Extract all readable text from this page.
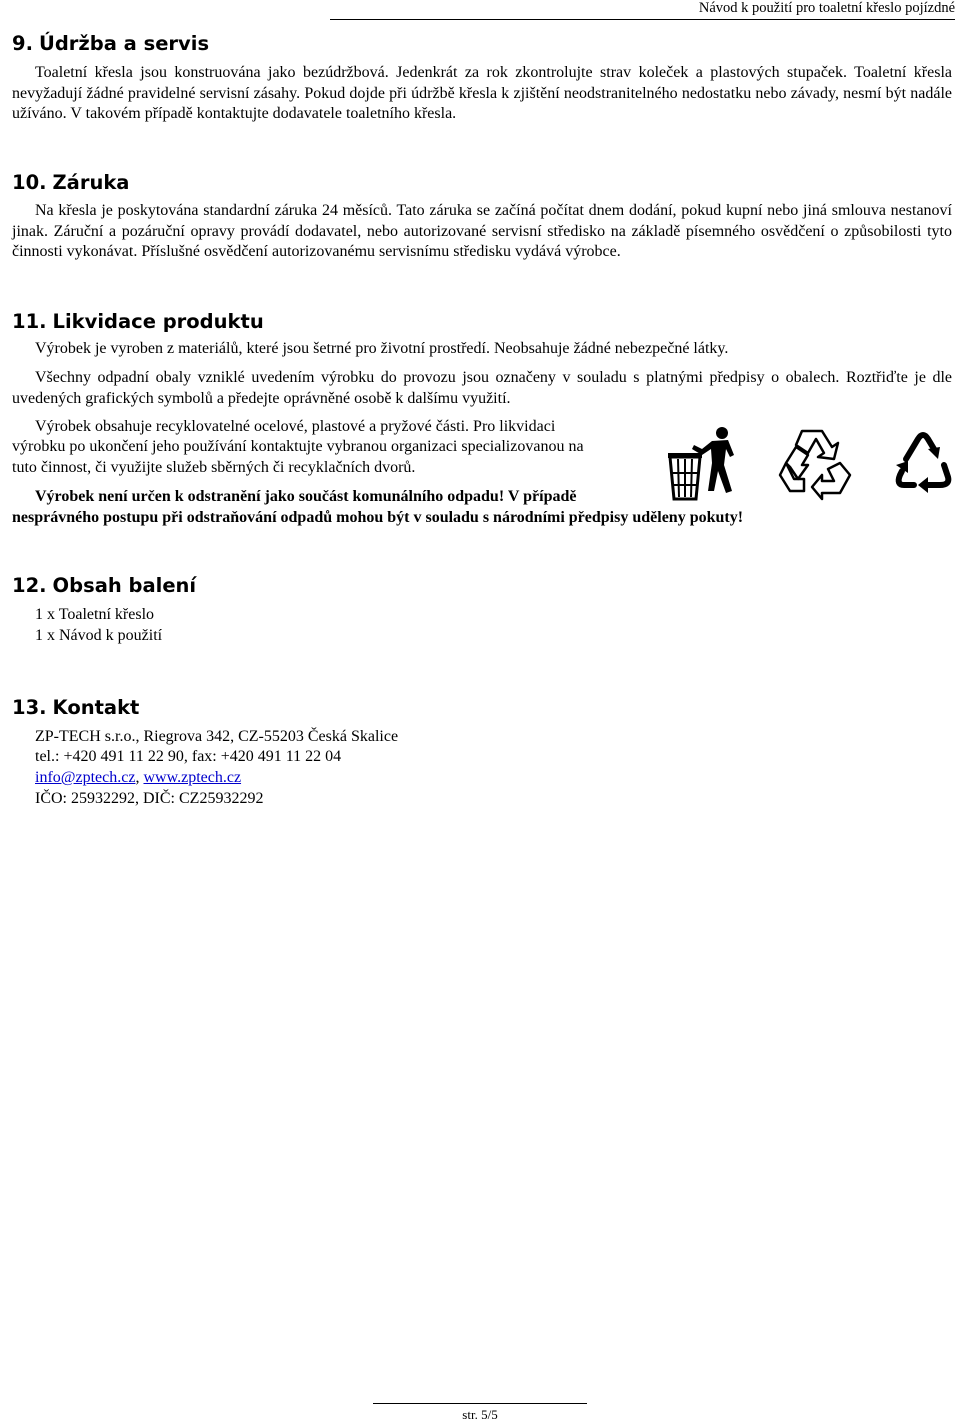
Návod k použití pro toaletní křeslo pojízdné
9. Údržba a servis

Toaletní křesla jsou konstruována jako bezúdržbová. Jedenkrát za rok zkontrolujte strav koleček a plastových stupaček. Toaletní křesla nevyžadují žádné pravidelné servisní zásahy. Pokud dojde při údržbě křesla k zjištění neodstranitelného nedostatku nebo závady, nesmí být nadále užíváno. V takovém případě kontaktujte dodavatele toaletního křesla.

10. Záruka

Na křesla je poskytována standardní záruka 24 měsíců. Tato záruka se začíná počítat dnem dodání, pokud kupní nebo jiná smlouva nestanoví jinak. Záruční a pozáruční opravy provádí dodavatel, nebo autorizované servisní středisko na základě písemného osvědčení o způsobilosti tyto činnosti vykonávat. Příslušné osvědčení autorizovanému servisnímu středisku vydává výrobce.

11. Likvidace produktu

Výrobek je vyroben z materiálů, které jsou šetrné pro životní prostředí. Neobsahuje žádné nebezpečné látky.

Všechny odpadní obaly vzniklé uvedením výrobku do provozu jsou označeny v souladu s platnými předpisy o obalech. Roztřiďte je dle uvedených grafických symbolů a předejte oprávněné osobě k dalšímu využití.

Výrobek obsahuje recyklovatelné ocelové, plastové a pryžové části. Pro likvidaci
výrobku po ukončení jeho používání kontaktujte vybranou organizaci specializovanou na
tuto činnost, či využijte služeb sběrných či recyklačních dvorů.
Výrobek není určen k odstranění jako součást komunálního odpadu! V případě
nesprávného postupu při odstraňování odpadů mohou být v souladu s národními předpisy uděleny pokuty!
12. Obsah balení
1 x Toaletní křeslo
1 x Návod k použití
13. Kontakt
ZP-TECH s.r.o., Riegrova 342, CZ-55203 Česká Skalice
tel.: +420 491 11 22 90, fax: +420 491 11 22 04
info@zptech.cz, www.zptech.cz
IČO: 25932292, DIČ: CZ25932292
str. 5/5
